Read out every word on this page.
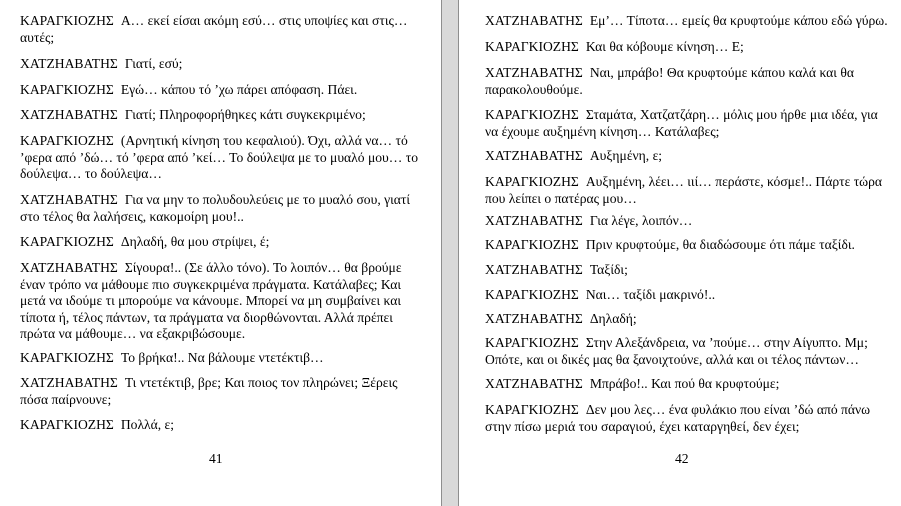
ΚΑΡΑΓΚΙΟΖΗΣ Α… εκεί είσαι ακόμη εσύ… στις υποψίες και στις…
αυτές;

ΧΑΤΖΗΑΒΑΤΗΣ Γιατί, εσύ;

ΚΑΡΑΓΚΙΟΖΗΣ Εγώ… κάπου τό ’χω πάρει απόφαση. Πάει.

ΧΑΤΖΗΑΒΑΤΗΣ Γιατί; Πληροφορήθηκες κάτι συγκεκριμένο;

ΚΑΡΑΓΚΙΟΖΗΣ (Αρνητική κίνηση του κεφαλιού). Όχι, αλλά να… τό
’φερα από ’δώ… τό ’φερα από ’κεί… Το δούλεψα με το μυαλό μου… το
δούλεψα… το δούλεψα…

ΧΑΤΖΗΑΒΑΤΗΣ Για να μην το πολυδουλεύεις με το μυαλό σου, γιατί
στο τέλος θα λαλήσεις, κακομοίρη μου!..

ΚΑΡΑΓΚΙΟΖΗΣ Δηλαδή, θα μου στρίψει, έ;

ΧΑΤΖΗΑΒΑΤΗΣ Σίγουρα!.. (Σε άλλο τόνο). Το λοιπόν… θα βρούμε
έναν τρόπο να μάθουμε πιο συγκεκριμένα πράγματα. Κατάλαβες; Και
μετά να ιδούμε τι μπορούμε να κάνουμε. Μπορεί να μη συμβαίνει και
τίποτα ή, τέλος πάντων, τα πράγματα να διορθώνονται. Αλλά πρέπει
πρώτα να μάθουμε… να εξακριβώσουμε.

ΚΑΡΑΓΚΙΟΖΗΣ Το βρήκα!.. Να βάλουμε ντετέκτιβ…

ΧΑΤΖΗΑΒΑΤΗΣ Τι ντετέκτιβ, βρε; Και ποιος τον πληρώνει; Ξέρεις
πόσα παίρνουνε;

ΚΑΡΑΓΚΙΟΖΗΣ Πολλά, ε;

41

ΧΑΤΖΗΑΒΑΤΗΣ Εμ’… Τίποτα… εμείς θα κρυφτούμε κάπου εδώ γύρω.

ΚΑΡΑΓΚΙΟΖΗΣ Και θα κόβουμε κίνηση… Ε;

ΧΑΤΖΗΑΒΑΤΗΣ Ναι, μπράβο! Θα κρυφτούμε κάπου καλά και θα
παρακολουθούμε.

ΚΑΡΑΓΚΙΟΖΗΣ Σταμάτα, Χατζατζάρη… μόλις μου ήρθε μια ιδέα, για
να έχουμε αυξημένη κίνηση… Κατάλαβες;

ΧΑΤΖΗΑΒΑΤΗΣ Αυξημένη, ε;

ΚΑΡΑΓΚΙΟΖΗΣ Αυξημένη, λέει… ιιί… περάστε, κόσμε!.. Πάρτε τώρα
που λείπει ο πατέρας μου…

ΧΑΤΖΗΑΒΑΤΗΣ Για λέγε, λοιπόν…

ΚΑΡΑΓΚΙΟΖΗΣ Πριν κρυφτούμε, θα διαδώσουμε ότι πάμε ταξίδι.

ΧΑΤΖΗΑΒΑΤΗΣ Ταξίδι;

ΚΑΡΑΓΚΙΟΖΗΣ Ναι… ταξίδι μακρινό!..

ΧΑΤΖΗΑΒΑΤΗΣ Δηλαδή;

ΚΑΡΑΓΚΙΟΖΗΣ Στην Αλεξάνδρεια, να ’πούμε… στην Αίγυπτο. Μμ;
Οπότε, και οι δικές μας θα ξανοιχτούνε, αλλά και οι τέλος πάντων…

ΧΑΤΖΗΑΒΑΤΗΣ Μπράβο!.. Και πού θα κρυφτούμε;

ΚΑΡΑΓΚΙΟΖΗΣ Δεν μου λες… ένα φυλάκιο που είναι ’δώ από πάνω
στην πίσω μεριά του σαραγιού, έχει καταργηθεί, δεν έχει;

42
